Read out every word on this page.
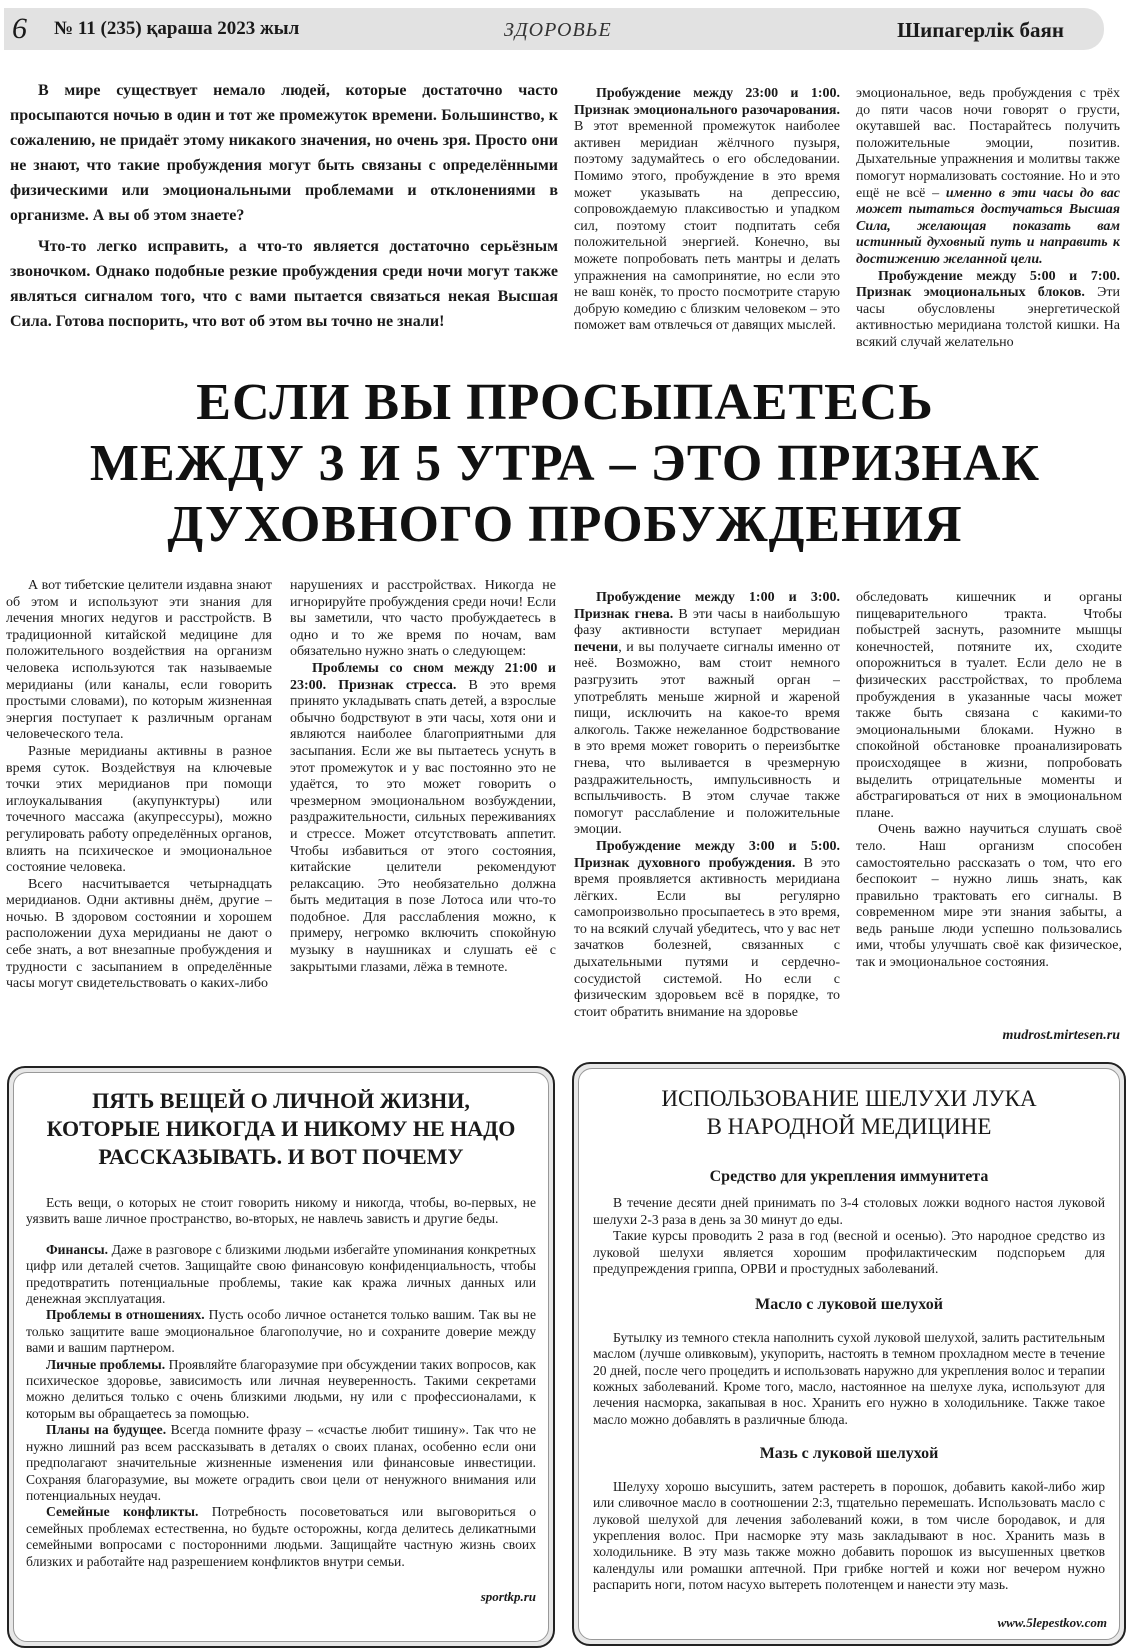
6	№ 11 (235) қараша 2023 жыл	ЗДОРОВЬЕ	Шипагерлік баян

В мире существует немало людей, которые достаточно часто просыпаются ночью в один и тот же промежуток времени. Большинство, к сожалению, не придаёт этому никакого значения, но очень зря. Просто они не знают, что такие пробуждения могут быть связаны с определёнными физическими или эмоциональными проблемами и отклонениями в организме. А вы об этом знаете?

Что-то легко исправить, а что-то является достаточно серьёзным звоночком. Однако подобные резкие пробуждения среди ночи могут также являться сигналом того, что с вами пытается связаться некая Высшая Сила. Готова поспорить, что вот об этом вы точно не знали!

Пробуждение между 23:00 и 1:00. Признак эмоционального разочарования. В этот временной промежуток наиболее активен меридиан жёлчного пузыря, поэтому задумайтесь о его обследовании. Помимо этого, пробуждение в это время может указывать на депрессию, сопровождаемую плаксивостью и упадком сил, поэтому стоит подпитать себя положительной энергией. Конечно, вы можете попробовать петь мантры и делать упражнения на самопринятие, но если это не ваш конёк, то просто посмотрите старую добрую комедию с близким человеком – это поможет вам отвлечься от давящих мыслей.

эмоциональное, ведь пробуждения с трёх до пяти часов ночи говорят о грусти, окутавшей вас. Постарайтесь получить положительные эмоции, позитив. Дыхательные упражнения и молитвы также помогут нормализовать состояние. Но и это ещё не всё – именно в эти часы до вас может пытаться достучаться Высшая Сила, желающая показать вам истинный духовный путь и направить к достижению желанной цели.

Пробуждение между 5:00 и 7:00. Признак эмоциональных блоков. Эти часы обусловлены энергетической активностью меридиана толстой кишки. На всякий случай желательно

ЕСЛИ ВЫ ПРОСЫПАЕТЕСЬ
МЕЖДУ 3 И 5 УТРА – ЭТО ПРИЗНАК
ДУХОВНОГО ПРОБУЖДЕНИЯ

А вот тибетские целители издавна знают об этом и используют эти знания для лечения многих недугов и расстройств. В традиционной китайской медицине для положительного воздействия на организм человека используются так называемые меридианы (или каналы, если говорить простыми словами), по которым жизненная энергия поступает к различным органам человеческого тела.

Разные меридианы активны в разное время суток. Воздействуя на ключевые точки этих меридианов при помощи иглоукалывания (акупунктуры) или точечного массажа (акупрессуры), можно регулировать работу определённых органов, влиять на психическое и эмоциональное состояние человека.

Всего насчитывается четырнадцать меридианов. Одни активны днём, другие – ночью. В здоровом состоянии и хорошем расположении духа меридианы не дают о себе знать, а вот внезапные пробуждения и трудности с засыпанием в определённые часы могут свидетельствовать о каких-либо

нарушениях и расстройствах. Никогда не игнорируйте пробуждения среди ночи! Если вы заметили, что часто пробуждаетесь в одно и то же время по ночам, вам обязательно нужно знать о следующем:

Проблемы со сном между 21:00 и 23:00. Признак стресса. В это время принято укладывать спать детей, а взрослые обычно бодрствуют в эти часы, хотя они и являются наиболее благоприятными для засыпания. Если же вы пытаетесь уснуть в этот промежуток и у вас постоянно это не удаётся, то это может говорить о чрезмерном эмоциональном возбуждении, раздражительности, сильных переживаниях и стрессе. Может отсутствовать аппетит. Чтобы избавиться от этого состояния, китайские целители рекомендуют релаксацию. Это необязательно должна быть медитация в позе Лотоса или что-то подобное. Для расслабления можно, к примеру, негромко включить спокойную музыку в наушниках и слушать её с закрытыми глазами, лёжа в темноте.

Пробуждение между 1:00 и 3:00. Признак гнева. В эти часы в наибольшую фазу активности вступает меридиан печени, и вы получаете сигналы именно от неё. Возможно, вам стоит немного разгрузить этот важный орган – употреблять меньше жирной и жареной пищи, исключить на какое-то время алкоголь. Также нежеланное бодрствование в это время может говорить о переизбытке гнева, что выливается в чрезмерную раздражительность, импульсивность и вспыльчивость. В этом случае также помогут расслабление и положительные эмоции.

Пробуждение между 3:00 и 5:00. Признак духовного пробуждения. В это время проявляется активность меридиана лёгких. Если вы регулярно самопроизвольно просыпаетесь в это время, то на всякий случай убедитесь, что у вас нет зачатков болезней, связанных с дыхательными путями и сердечно-сосудистой системой. Но если с физическим здоровьем всё в порядке, то стоит обратить внимание на здоровье

обследовать кишечник и органы пищеварительного тракта. Чтобы побыстрей заснуть, разомните мышцы конечностей, потяните их, сходите опорожниться в туалет. Если дело не в физических расстройствах, то проблема пробуждения в указанные часы может также быть связана с какими-то эмоциональными блоками. Нужно в спокойной обстановке проанализировать происходящее в жизни, попробовать выделить отрицательные моменты и абстрагироваться от них в эмоциональном плане.

Очень важно научиться слушать своё тело. Наш организм способен самостоятельно рассказать о том, что его беспокоит – нужно лишь знать, как правильно трактовать его сигналы. В современном мире эти знания забыты, а ведь раньше люди успешно пользовались ими, чтобы улучшать своё как физическое, так и эмоциональное состояния.

mudrost.mirtesen.ru
ПЯТЬ ВЕЩЕЙ О ЛИЧНОЙ ЖИЗНИ,
КОТОРЫЕ НИКОГДА И НИКОМУ НЕ НАДО
РАССКАЗЫВАТЬ. И ВОТ ПОЧЕМУ

Есть вещи, о которых не стоит говорить никому и никогда, чтобы, во-первых, не уязвить ваше личное пространство, во-вторых, не навлечь зависть и другие беды.

Финансы. Даже в разговоре с близкими людьми избегайте упоминания конкретных цифр или деталей счетов. Защищайте свою финансовую конфиденциальность, чтобы предотвратить потенциальные проблемы, такие как кража личных данных или денежная эксплуатация.

Проблемы в отношениях. Пусть особо личное останется только вашим. Так вы не только защитите ваше эмоциональное благополучие, но и сохраните доверие между вами и вашим партнером.

Личные проблемы. Проявляйте благоразумие при обсуждении таких вопросов, как психическое здоровье, зависимость или личная неуверенность. Такими секретами можно делиться только с очень близкими людьми, ну или с профессионалами, к которым вы обращаетесь за помощью.

Планы на будущее. Всегда помните фразу – «счастье любит тишину». Так что не нужно лишний раз всем рассказывать в деталях о своих планах, особенно если они предполагают значительные жизненные изменения или финансовые инвестиции. Сохраняя благоразумие, вы можете оградить свои цели от ненужного внимания или потенциальных неудач.

Семейные конфликты. Потребность посоветоваться или выговориться о семейных проблемах естественна, но будьте осторожны, когда делитесь деликатными семейными вопросами с посторонними людьми. Защищайте частную жизнь своих близких и работайте над разрешением конфликтов внутри семьи.

sportkp.ru
ИСПОЛЬЗОВАНИЕ ШЕЛУХИ ЛУКА
В НАРОДНОЙ МЕДИЦИНЕ
Средство для укрепления иммунитета

В течение десяти дней принимать по 3-4 столовых ложки водного настоя луковой шелухи 2-3 раза в день за 30 минут до еды.

Такие курсы проводить 2 раза в год (весной и осенью). Это народное средство из луковой шелухи является хорошим профилактическим подспорьем для предупреждения гриппа, ОРВИ и простудных заболеваний.

Масло с луковой шелухой

Бутылку из темного стекла наполнить сухой луковой шелухой, залить растительным маслом (лучше оливковым), укупорить, настоять в темном прохладном месте в течение 20 дней, после чего процедить и использовать наружно для укрепления волос и терапии кожных заболеваний. Кроме того, масло, настоянное на шелухе лука, используют для лечения насморка, закапывая в нос. Хранить его нужно в холодильнике. Также такое масло можно добавлять в различные блюда.

Мазь с луковой шелухой

Шелуху хорошо высушить, затем растереть в порошок, добавить какой-либо жир или сливочное масло в соотношении 2:3, тщательно перемешать. Использовать масло с луковой шелухой для лечения заболеваний кожи, в том числе бородавок, и для укрепления волос. При насморке эту мазь закладывают в нос. Хранить мазь в холодильнике. В эту мазь также можно добавить порошок из высушенных цветков календулы или ромашки аптечной. При грибке ногтей и кожи ног вечером нужно распарить ноги, потом насухо вытереть полотенцем и нанести эту мазь.

www.5lepestkov.com
